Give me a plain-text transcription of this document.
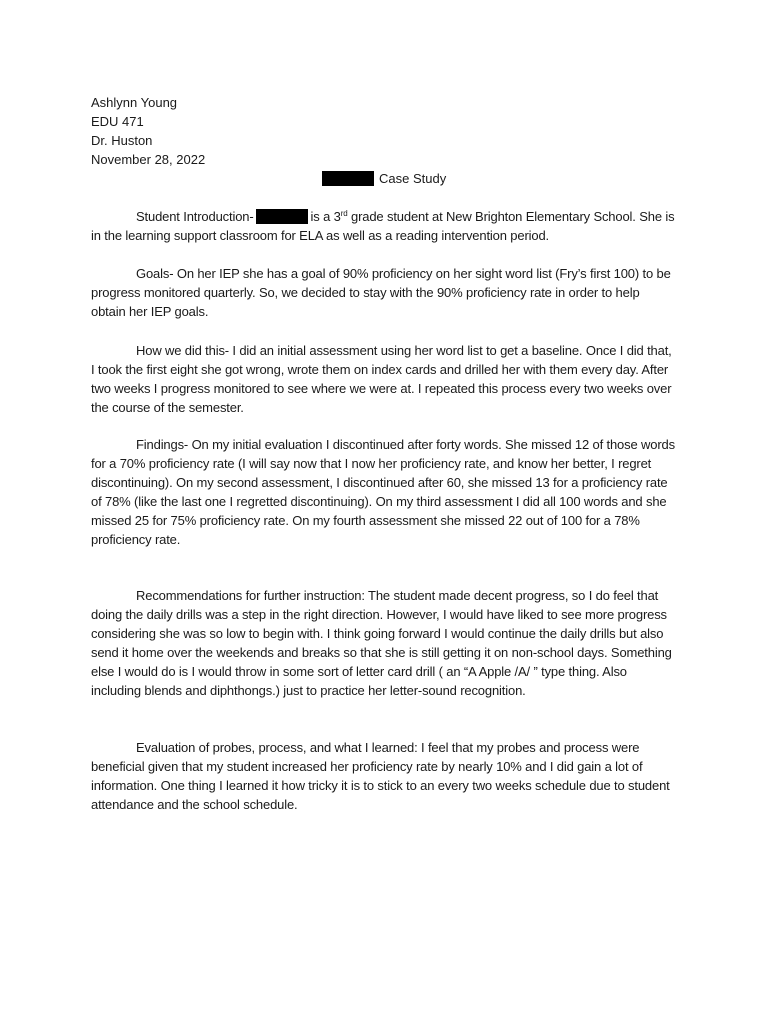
Ashlynn Young
EDU 471
Dr. Huston
November 28, 2022
Case Study

Student Introduction-	is a 3rd grade student at New Brighton Elementary School. She is in the learning support classroom for ELA as well as a reading intervention period.

Goals- On her IEP she has a goal of 90% proficiency on her sight word list (Fry’s first 100) to be progress monitored quarterly. So, we decided to stay with the 90% proficiency rate in order to help obtain her IEP goals.

How we did this- I did an initial assessment using her word list to get a baseline. Once I did that, I took the first eight she got wrong, wrote them on index cards and drilled her with them every day. After two weeks I progress monitored to see where we were at. I repeated this process every two weeks over the course of the semester.

Findings- On my initial evaluation I discontinued after forty words. She missed 12 of those words for a 70% proficiency rate (I will say now that I now her proficiency rate, and know her better, I regret discontinuing). On my second assessment, I discontinued after 60, she missed 13 for a proficiency rate of 78% (like the last one I regretted discontinuing). On my third assessment I did all 100 words and she missed 25 for 75% proficiency rate. On my fourth assessment she missed 22 out of 100 for a 78% proficiency rate.

Recommendations for further instruction: The student made decent progress, so I do feel that doing the daily drills was a step in the right direction. However, I would have liked to see more progress considering she was so low to begin with. I think going forward I would continue the daily drills but also send it home over the weekends and breaks so that she is still getting it on non-school days. Something else I would do is I would throw in some sort of letter card drill ( an “A Apple /A/ ” type thing. Also including blends and diphthongs.) just to practice her letter-sound recognition.

Evaluation of probes, process, and what I learned: I feel that my probes and process were beneficial given that my student increased her proficiency rate by nearly 10% and I did gain a lot of information. One thing I learned it how tricky it is to stick to an every two weeks schedule due to student attendance and the school schedule.
